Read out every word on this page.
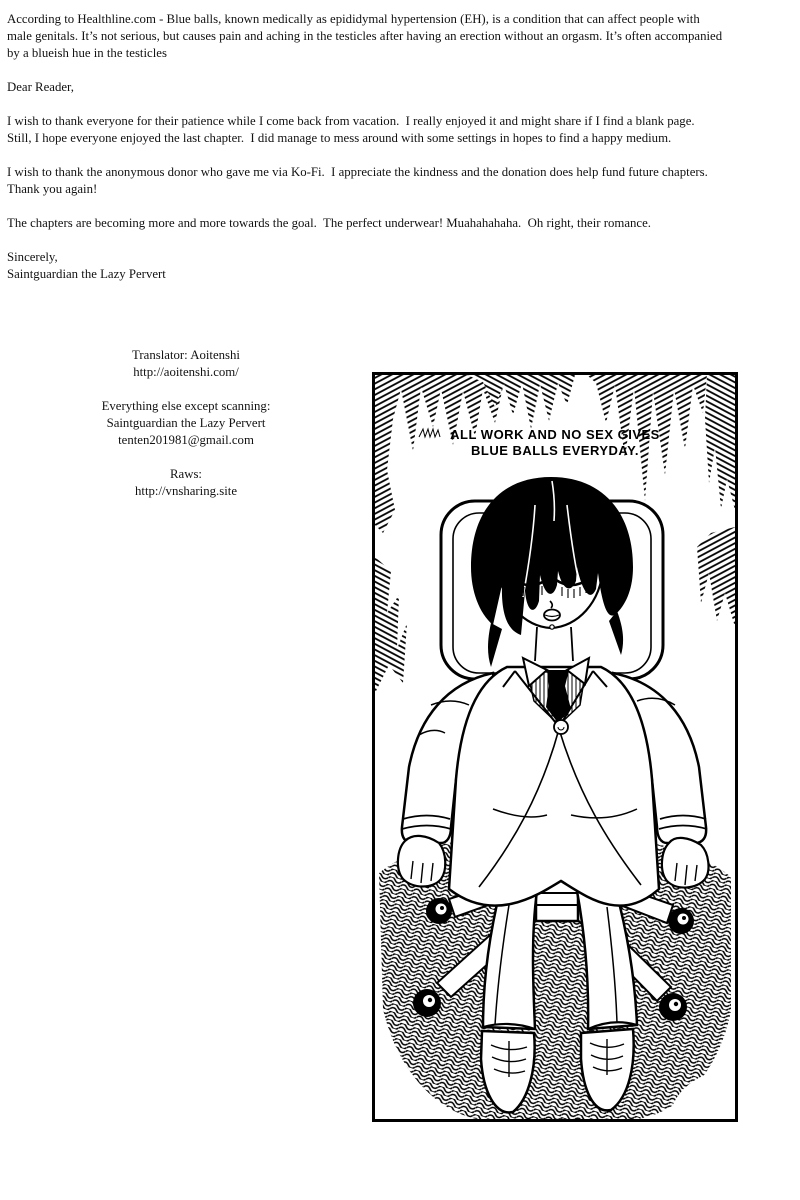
According to Healthline.com - Blue balls, known medically as epididymal hypertension (EH), is a condition that can affect people with
male genitals. It’s not serious, but causes pain and aching in the testicles after having an erection without an orgasm. It’s often accompanied
by a blueish hue in the testicles
Dear Reader,
I wish to thank everyone for their patience while I come back from vacation.  I really enjoyed it and might share if I find a blank page.
Still, I hope everyone enjoyed the last chapter.  I did manage to mess around with some settings in hopes to find a happy medium.
I wish to thank the anonymous donor who gave me via Ko-Fi.  I appreciate the kindness and the donation does help fund future chapters.
Thank you again!
The chapters are becoming more and more towards the goal.  The perfect underwear! Muahahahaha.  Oh right, their romance.
Sincerely,
Saintguardian the Lazy Pervert
Translator: Aoitenshi
http://aoitenshi.com/
Everything else except scanning:
Saintguardian the Lazy Pervert
tenten201981@gmail.com
Raws:
http://vnsharing.site
ALL WORK AND NO SEX GIVES
BLUE BALLS EVERYDAY.
